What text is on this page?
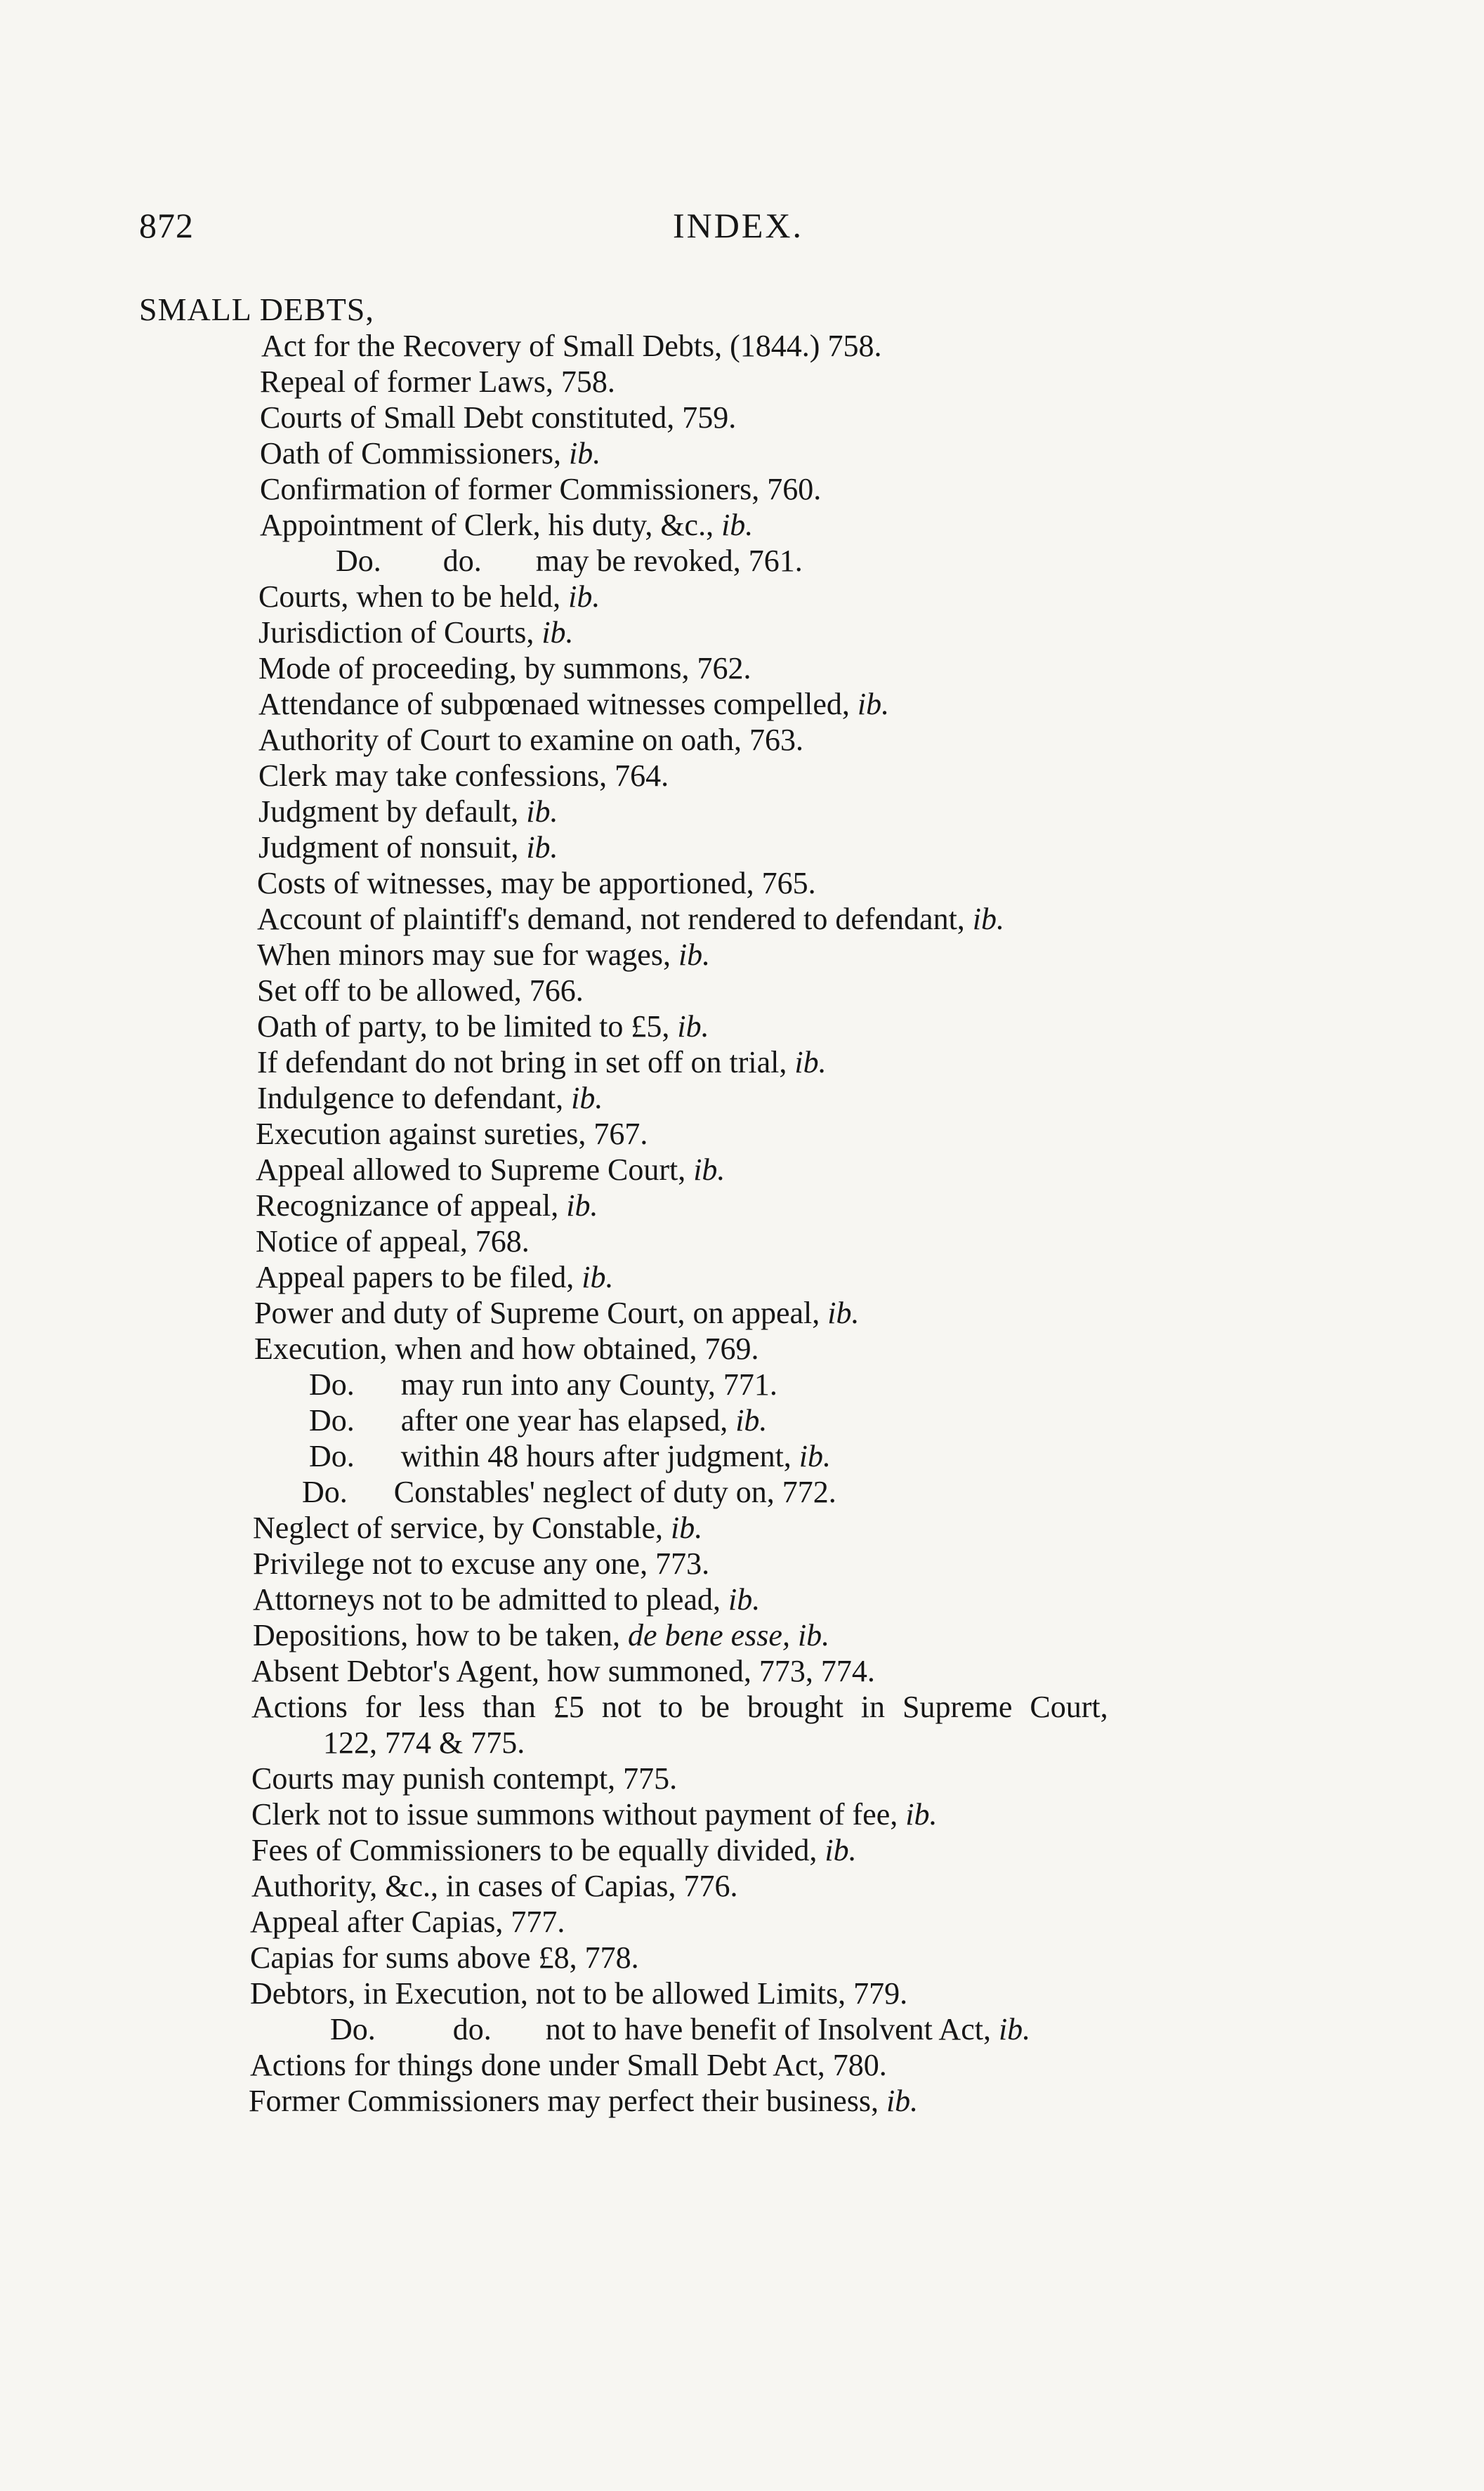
872	INDEX.
SMALL DEBTS,
Act for the Recovery of Small Debts, (1844.) 758.
Repeal of former Laws, 758.
Courts of Small Debt constituted, 759.
Oath of Commissioners, ib.
Confirmation of former Commissioners, 760.
Appointment of Clerk, his duty, &c., ib.
Do.        do.       may be revoked, 761.
Courts, when to be held, ib.
Jurisdiction of Courts, ib.
Mode of proceeding, by summons, 762.
Attendance of subpœnaed witnesses compelled, ib.
Authority of Court to examine on oath, 763.
Clerk may take confessions, 764.
Judgment by default, ib.
Judgment of nonsuit, ib.
Costs of witnesses, may be apportioned, 765.
Account of plaintiff's demand, not rendered to defendant, ib.
When minors may sue for wages, ib.
Set off to be allowed, 766.
Oath of party, to be limited to £5, ib.
If defendant do not bring in set off on trial, ib.
Indulgence to defendant, ib.
Execution against sureties, 767.
Appeal allowed to Supreme Court, ib.
Recognizance of appeal, ib.
Notice of appeal, 768.
Appeal papers to be filed, ib.
Power and duty of Supreme Court, on appeal, ib.
Execution, when and how obtained, 769.
Do.      may run into any County, 771.
Do.      after one year has elapsed, ib.
Do.      within 48 hours after judgment, ib.
Do.      Constables' neglect of duty on, 772.
Neglect of service, by Constable, ib.
Privilege not to excuse any one, 773.
Attorneys not to be admitted to plead, ib.
Depositions, how to be taken, de bene esse, ib.
Absent Debtor's Agent, how summoned, 773, 774.
Actions for less than £5 not to be brought in Supreme Court,
122, 774 & 775.
Courts may punish contempt, 775.
Clerk not to issue summons without payment of fee, ib.
Fees of Commissioners to be equally divided, ib.
Authority, &c., in cases of Capias, 776.
Appeal after Capias, 777.
Capias for sums above £8, 778.
Debtors, in Execution, not to be allowed Limits, 779.
Do.          do.       not to have benefit of Insolvent Act, ib.
Actions for things done under Small Debt Act, 780.
Former Commissioners may perfect their business, ib.
